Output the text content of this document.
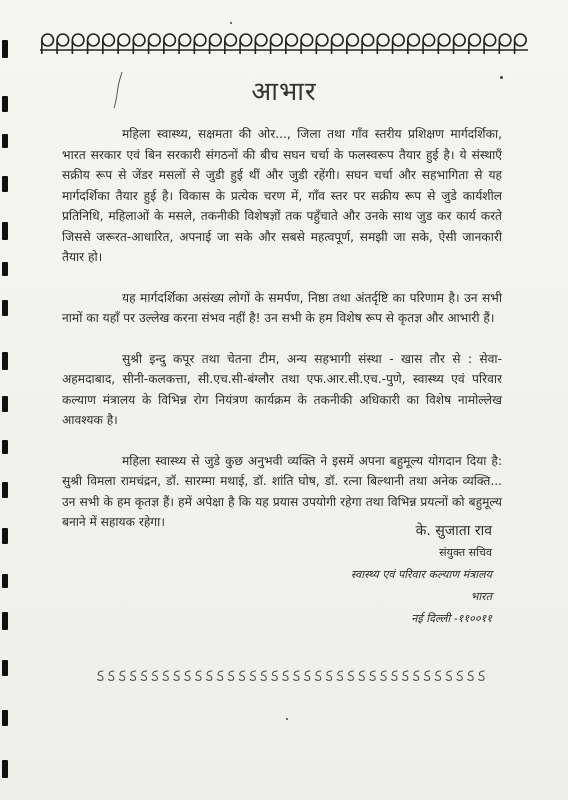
आभार

महिला स्वास्थ्य, सक्षमता की ओर..., जिला तथा गाँव स्तरीय प्रशिक्षण मार्गदर्शिका, भारत सरकार एवं बिन सरकारी संगठनों की बीच सघन चर्चा के फलस्वरूप तैयार हुई है। ये संस्थाएँ सक्रीय रूप से जेंडर मसलों से जुडी हुई थीं और जुडी रहेंगी। सघन चर्चा और सहभागिता से यह मार्गदर्शिका तैयार हुई है। विकास के प्रत्येक चरण में, गाँव स्तर पर सक्रीय रूप से जुडे कार्यशील प्रतिनिधि, महिलाओं के मसले, तकनीकी विशेषज्ञों तक पहुँचाते और उनके साथ जुड कर कार्य करते जिससे जरूरत-आधारित, अपनाई जा सके और सबसे महत्वपूर्ण, समझी जा सके, ऐसी जानकारी तैयार हो।

यह मार्गदर्शिका असंख्य लोगों के समर्पण, निष्ठा तथा अंतर्दृष्टि का परिणाम है। उन सभी नामों का यहाँ पर उल्लेख करना संभव नहीं है! उन सभी के हम विशेष रूप से कृतज्ञ और आभारी हैं।

सुश्री इन्दु कपूर तथा चेतना टीम, अन्य सहभागी संस्था - खास तौर से : सेवा-अहमदाबाद, सीनी-कलकत्ता, सी.एच.सी-बंग्लौर तथा एफ.आर.सी.एच.-पुणे, स्वास्थ्य एवं परिवार कल्याण मंत्रालय के विभिन्न रोग नियंत्रण कार्यक्रम के तकनीकी अधिकारी का विशेष नामोल्लेख आवश्यक है।

महिला स्वास्थ्य से जुडे कुछ अनुभवी व्यक्ति ने इसमें अपना बहुमूल्य योगदान दिया है: सुश्री विमला रामचंद्रन, डॉ. सारम्मा मथाई, डॉ. शांति घोष, डॉ. रत्ना बिल्थानी तथा अनेक व्यक्ति... उन सभी के हम कृतज्ञ हैं। हमें अपेक्षा है कि यह प्रयास उपयोगी रहेगा तथा विभिन्न प्रयत्नों को बहुमूल्य बनाने में सहायक रहेगा।

के. सुजाता राव
संयुक्त सचिव
स्वास्थ्य एवं परिवार कल्याण मंत्रालय
भारत
नई दिल्ली -११००११
